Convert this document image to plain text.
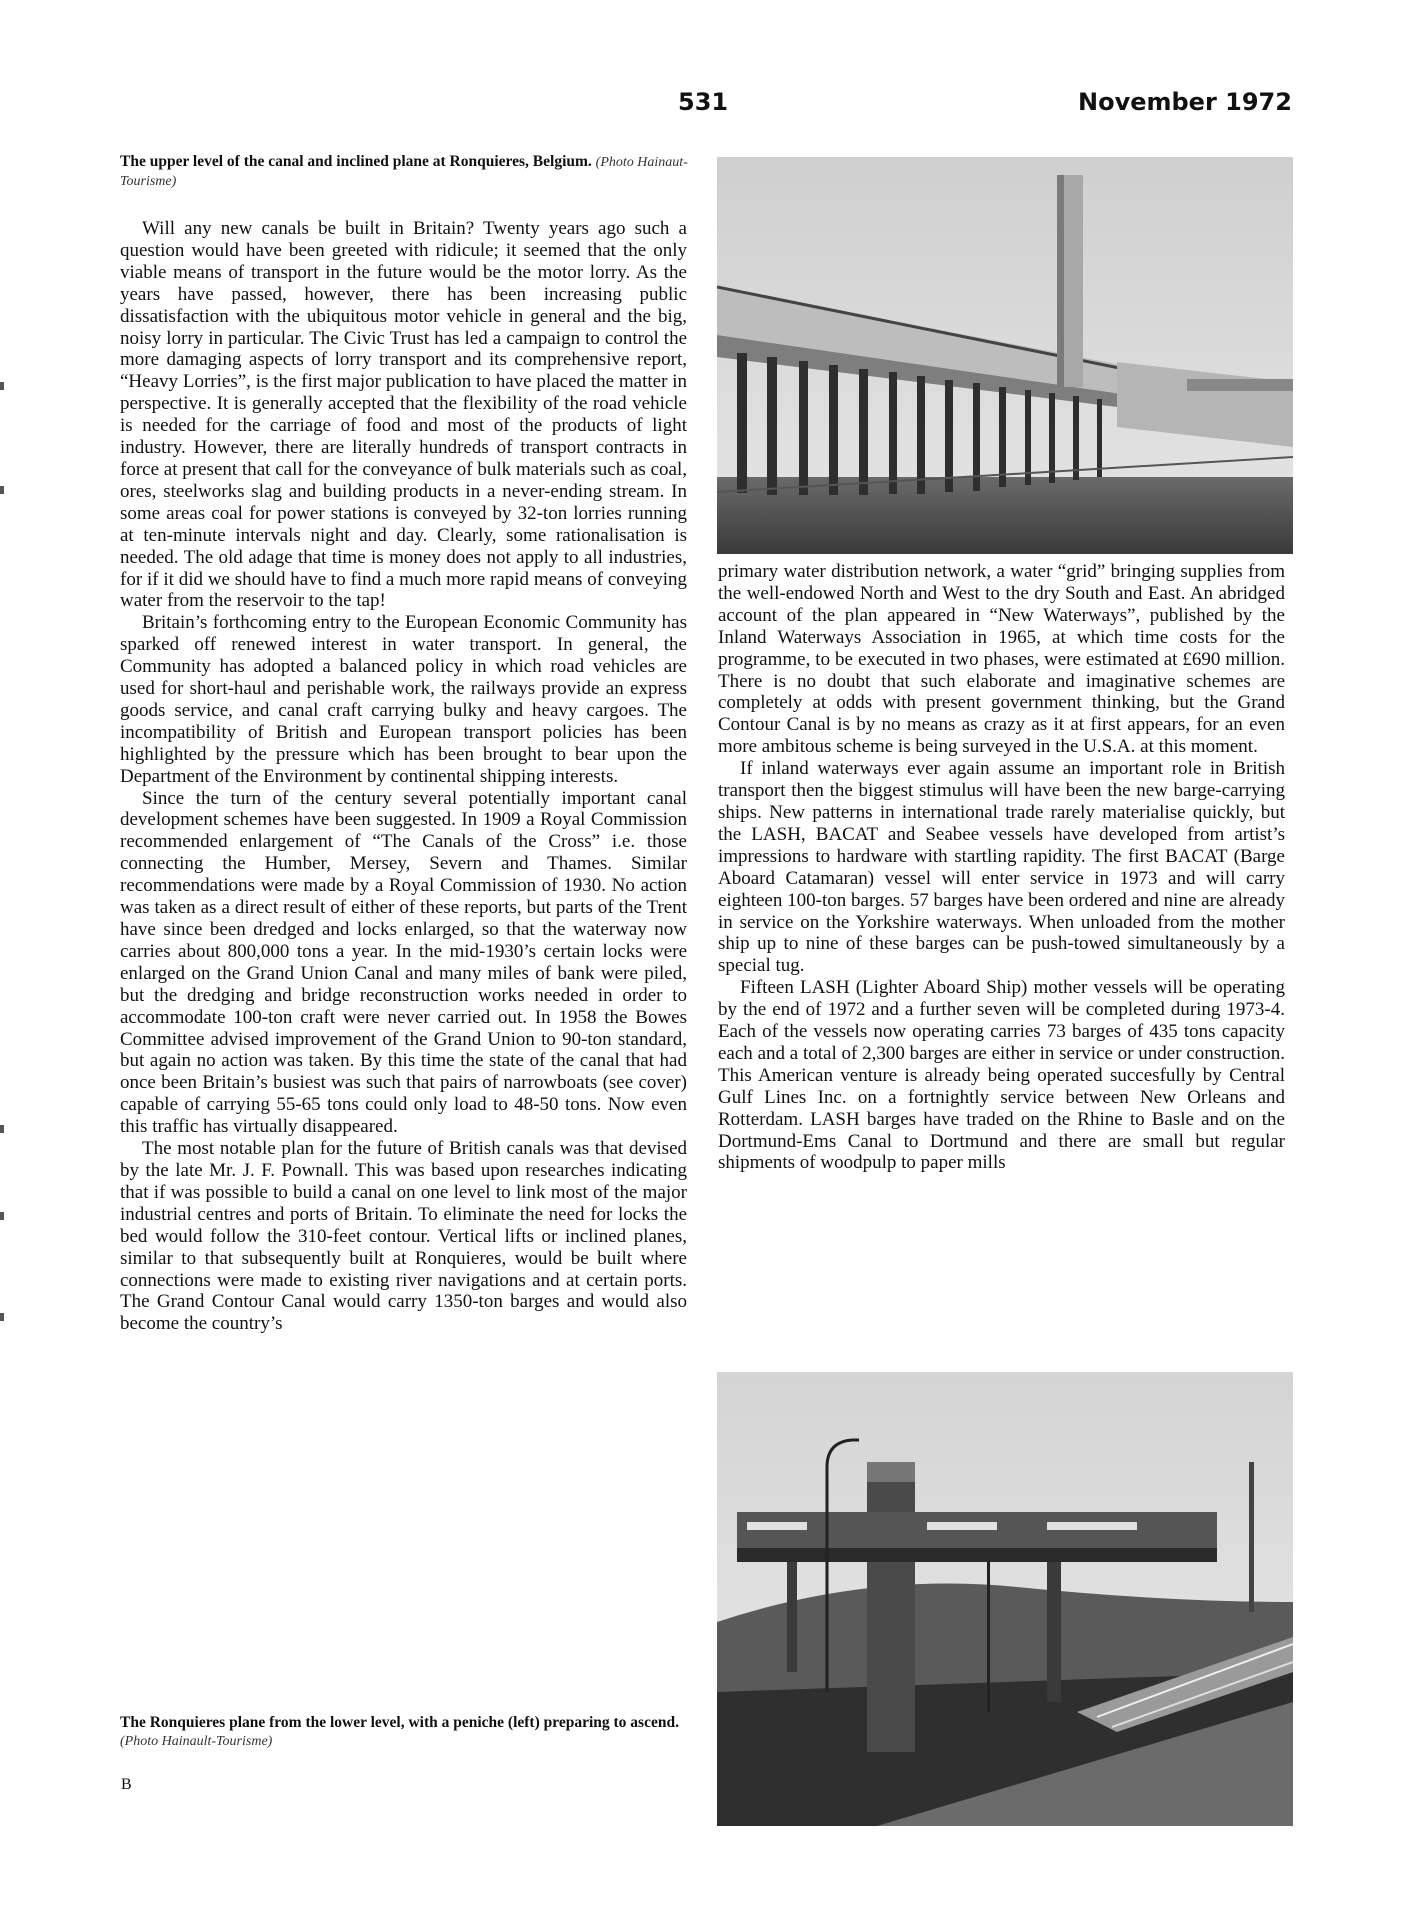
531	November 1972
The upper level of the canal and inclined plane at Ronquieres, Belgium. (Photo Hainaut-Tourisme)

Will any new canals be built in Britain? Twenty years ago such a question would have been greeted with ridicule; it seemed that the only viable means of transport in the future would be the motor lorry. As the years have passed, however, there has been increasing public dissatisfaction with the ubiquitous motor vehicle in general and the big, noisy lorry in particular. The Civic Trust has led a campaign to control the more damaging aspects of lorry transport and its comprehensive report, “Heavy Lorries”, is the first major publication to have placed the matter in perspective. It is generally accepted that the flexibility of the road vehicle is needed for the carriage of food and most of the products of light industry. However, there are literally hundreds of transport contracts in force at present that call for the conveyance of bulk materials such as coal, ores, steelworks slag and building products in a never-ending stream. In some areas coal for power stations is conveyed by 32-ton lorries running at ten-minute intervals night and day. Clearly, some rationalisation is needed. The old adage that time is money does not apply to all industries, for if it did we should have to find a much more rapid means of conveying water from the reservoir to the tap!

Britain’s forthcoming entry to the European Economic Community has sparked off renewed interest in water transport. In general, the Community has adopted a balanced policy in which road vehicles are used for short-haul and perishable work, the railways provide an express goods service, and canal craft carrying bulky and heavy cargoes. The incompatibility of British and European transport policies has been highlighted by the pressure which has been brought to bear upon the Department of the Environment by continental shipping interests.

Since the turn of the century several potentially important canal development schemes have been suggested. In 1909 a Royal Commission recommended enlargement of “The Canals of the Cross” i.e. those connecting the Humber, Mersey, Severn and Thames. Similar recommendations were made by a Royal Commission of 1930. No action was taken as a direct result of either of these reports, but parts of the Trent have since been dredged and locks enlarged, so that the waterway now carries about 800,000 tons a year. In the mid-1930’s certain locks were enlarged on the Grand Union Canal and many miles of bank were piled, but the dredging and bridge reconstruction works needed in order to accommodate 100-ton craft were never carried out. In 1958 the Bowes Committee advised improvement of the Grand Union to 90-ton standard, but again no action was taken. By this time the state of the canal that had once been Britain’s busiest was such that pairs of narrowboats (see cover) capable of carrying 55-65 tons could only load to 48-50 tons. Now even this traffic has virtually disappeared.

The most notable plan for the future of British canals was that devised by the late Mr. J. F. Pownall. This was based upon researches indicating that if was possible to build a canal on one level to link most of the major industrial centres and ports of Britain. To eliminate the need for locks the bed would follow the 310-feet contour. Vertical lifts or inclined planes, similar to that subsequently built at Ronquieres, would be built where connections were made to existing river navigations and at certain ports. The Grand Contour Canal would carry 1350-ton barges and would also become the country’s

primary water distribution network, a water “grid” bringing supplies from the well-endowed North and West to the dry South and East. An abridged account of the plan appeared in “New Waterways”, published by the Inland Waterways Association in 1965, at which time costs for the programme, to be executed in two phases, were estimated at £690 million. There is no doubt that such elaborate and imaginative schemes are completely at odds with present government thinking, but the Grand Contour Canal is by no means as crazy as it at first appears, for an even more ambitous scheme is being surveyed in the U.S.A. at this moment.

If inland waterways ever again assume an important role in British transport then the biggest stimulus will have been the new barge-carrying ships. New patterns in international trade rarely materialise quickly, but the LASH, BACAT and Seabee vessels have developed from artist’s impressions to hardware with startling rapidity. The first BACAT (Barge Aboard Catamaran) vessel will enter service in 1973 and will carry eighteen 100-ton barges. 57 barges have been ordered and nine are already in service on the Yorkshire waterways. When unloaded from the mother ship up to nine of these barges can be push-towed simultaneously by a special tug.

Fifteen LASH (Lighter Aboard Ship) mother vessels will be operating by the end of 1972 and a further seven will be completed during 1973-4. Each of the vessels now operating carries 73 barges of 435 tons capacity each and a total of 2,300 barges are either in service or under construction. This American venture is already being operated succesfully by Central Gulf Lines Inc. on a fortnightly service between New Orleans and Rotterdam. LASH barges have traded on the Rhine to Basle and on the Dortmund-Ems Canal to Dortmund and there are small but regular shipments of woodpulp to paper mills

The Ronquieres plane from the lower level, with a peniche (left) preparing to ascend. (Photo Hainault-Tourisme)
B
